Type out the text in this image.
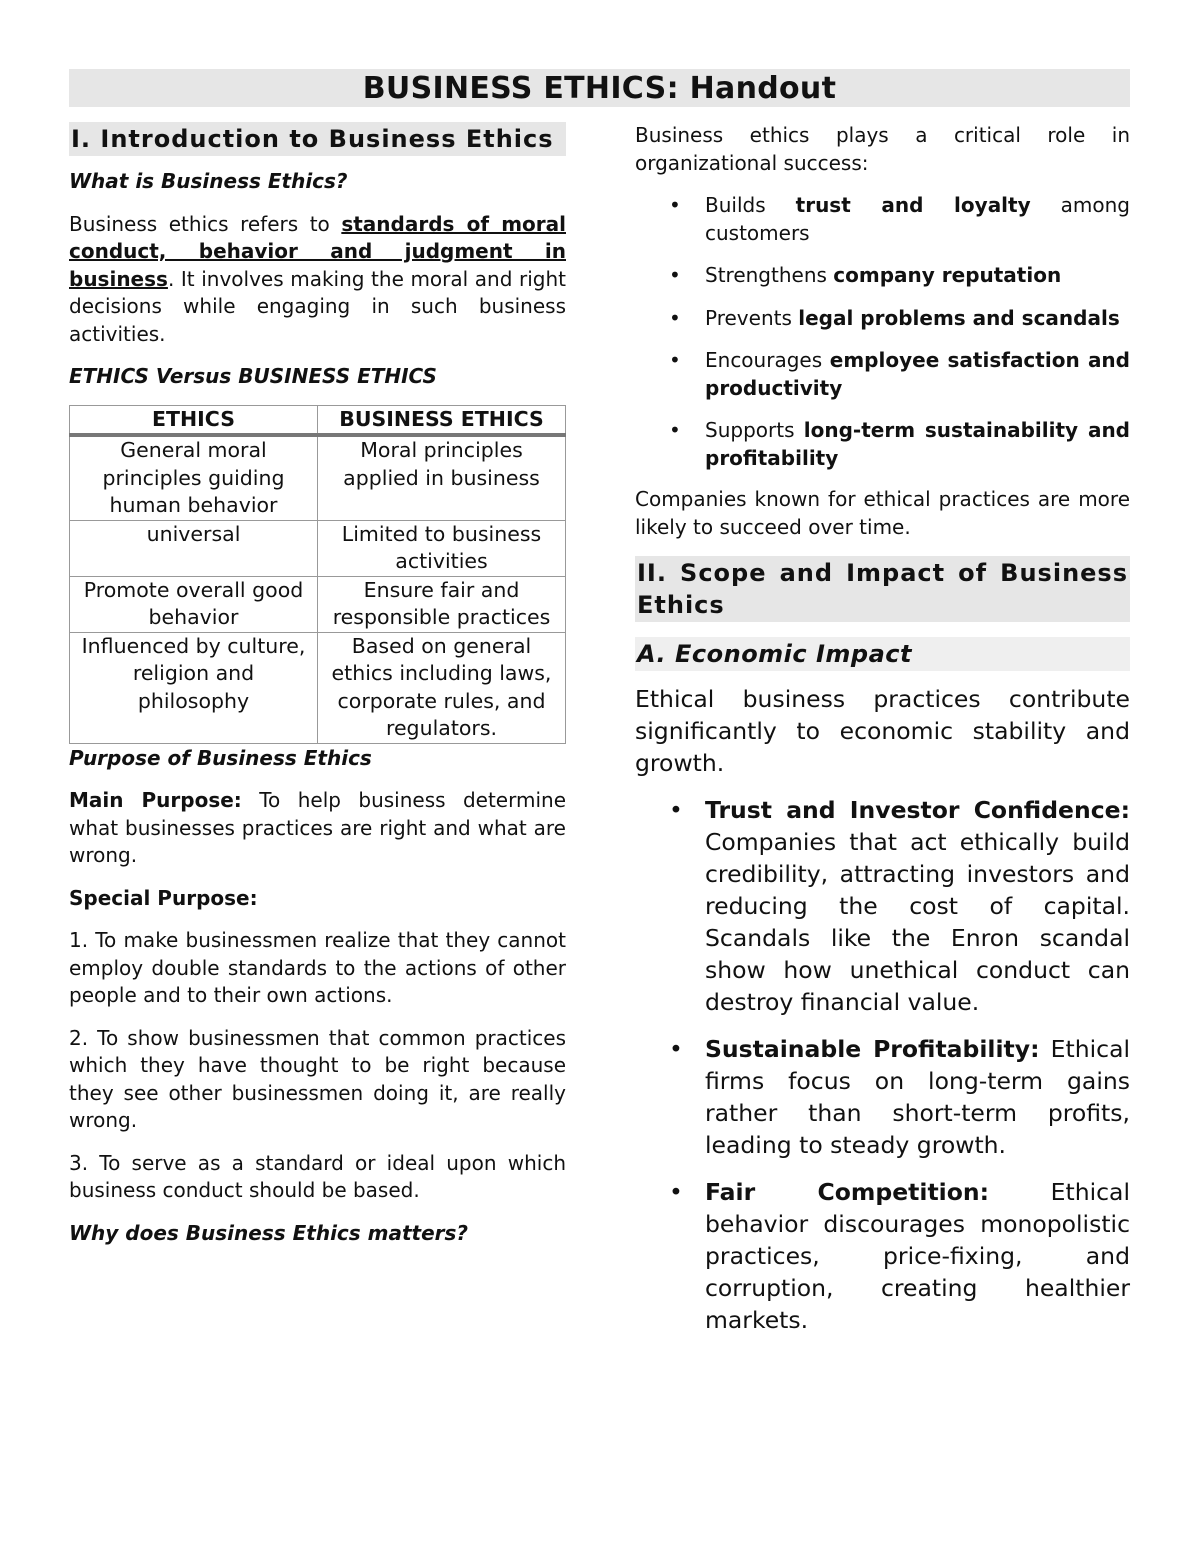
BUSINESS ETHICS: Handout
I. Introduction to Business Ethics

What is Business Ethics?

Business ethics refers to standards of moral conduct, behavior and judgment in business. It involves making the moral and right decisions while engaging in such business activities.

ETHICS Versus BUSINESS ETHICS

ETHICS	BUSINESS ETHICS
General moral principles guiding human behavior	Moral principles applied in business
universal	Limited to business activities
Promote overall good behavior	Ensure fair and responsible practices
Influenced by culture, religion and philosophy	Based on general ethics including laws, corporate rules, and regulators.

Purpose of Business Ethics

Main Purpose: To help business determine what businesses practices are right and what are wrong.

Special Purpose:

1. To make businessmen realize that they cannot employ double standards to the actions of other people and to their own actions.

2. To show businessmen that common practices which they have thought to be right because they see other businessmen doing it, are really wrong.

3. To serve as a standard or ideal upon which business conduct should be based.

Why does Business Ethics matters?

Business ethics plays a critical role in organizational success:

• Builds trust and loyalty among customers
• Strengthens company reputation
• Prevents legal problems and scandals
• Encourages employee satisfaction and productivity
• Supports long-term sustainability and profitability

Companies known for ethical practices are more likely to succeed over time.

II. Scope and Impact of Business Ethics
A. Economic Impact

Ethical business practices contribute significantly to economic stability and growth.

• Trust and Investor Confidence: Companies that act ethically build credibility, attracting investors and reducing the cost of capital. Scandals like the Enron scandal show how unethical conduct can destroy financial value.
• Sustainable Profitability: Ethical firms focus on long-term gains rather than short-term profits, leading to steady growth.
• Fair Competition: Ethical behavior discourages monopolistic practices, price-fixing, and corruption, creating healthier markets.
